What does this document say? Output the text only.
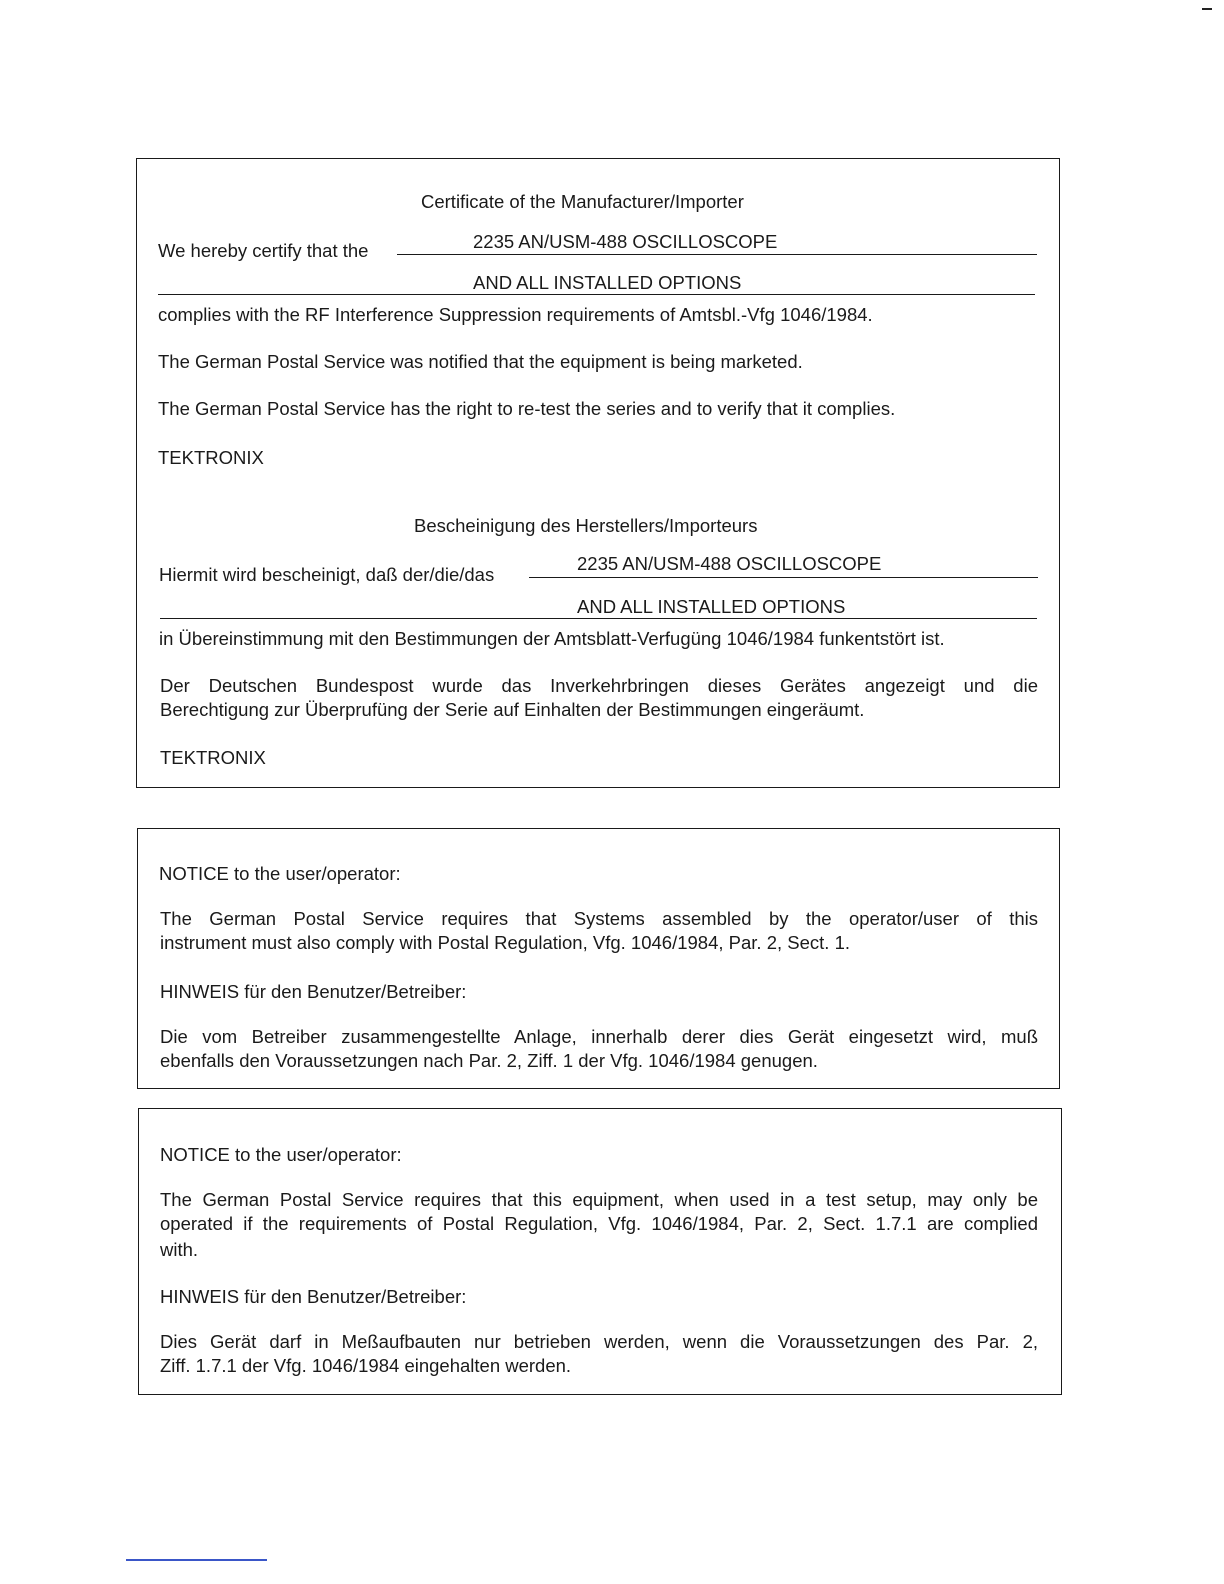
Certificate of the Manufacturer/Importer
We hereby certify that the	2235 AN/USM-488 OSCILLOSCOPE
AND ALL INSTALLED OPTIONS
complies with the RF Interference Suppression requirements of Amtsbl.-Vfg 1046/1984.
The German Postal Service was notified that the equipment is being marketed.
The German Postal Service has the right to re-test the series and to verify that it complies.
TEKTRONIX
Bescheinigung des Herstellers/Importeurs
Hiermit wird bescheinigt, daß der/die/das
2235 AN/USM-488 OSCILLOSCOPE
AND ALL INSTALLED OPTIONS
in Übereinstimmung mit den Bestimmungen der Amtsblatt-Verfugüng 1046/1984 funkentstört ist.
Der Deutschen Bundespost wurde das Inverkehrbringen dieses Gerätes angezeigt und die
Berechtigung zur Überprufüng der Serie auf Einhalten der Bestimmungen eingeräumt.
TEKTRONIX
NOTICE to the user/operator:
The German Postal Service requires that Systems assembled by the operator/user of this
instrument must also comply with Postal Regulation, Vfg. 1046/1984, Par. 2, Sect. 1.
HINWEIS für den Benutzer/Betreiber:
Die vom Betreiber zusammengestellte Anlage, innerhalb derer dies Gerät eingesetzt wird, muß
ebenfalls den Voraussetzungen nach Par. 2, Ziff. 1 der Vfg. 1046/1984 genugen.
NOTICE to the user/operator:
The German Postal Service requires that this equipment, when used in a test setup, may only be
operated if the requirements of Postal Regulation, Vfg. 1046/1984, Par. 2, Sect. 1.7.1 are complied
with.
HINWEIS für den Benutzer/Betreiber:
Dies Gerät darf in Meßaufbauten nur betrieben werden, wenn die Voraussetzungen des Par. 2,
Ziff. 1.7.1 der Vfg. 1046/1984 eingehalten werden.
